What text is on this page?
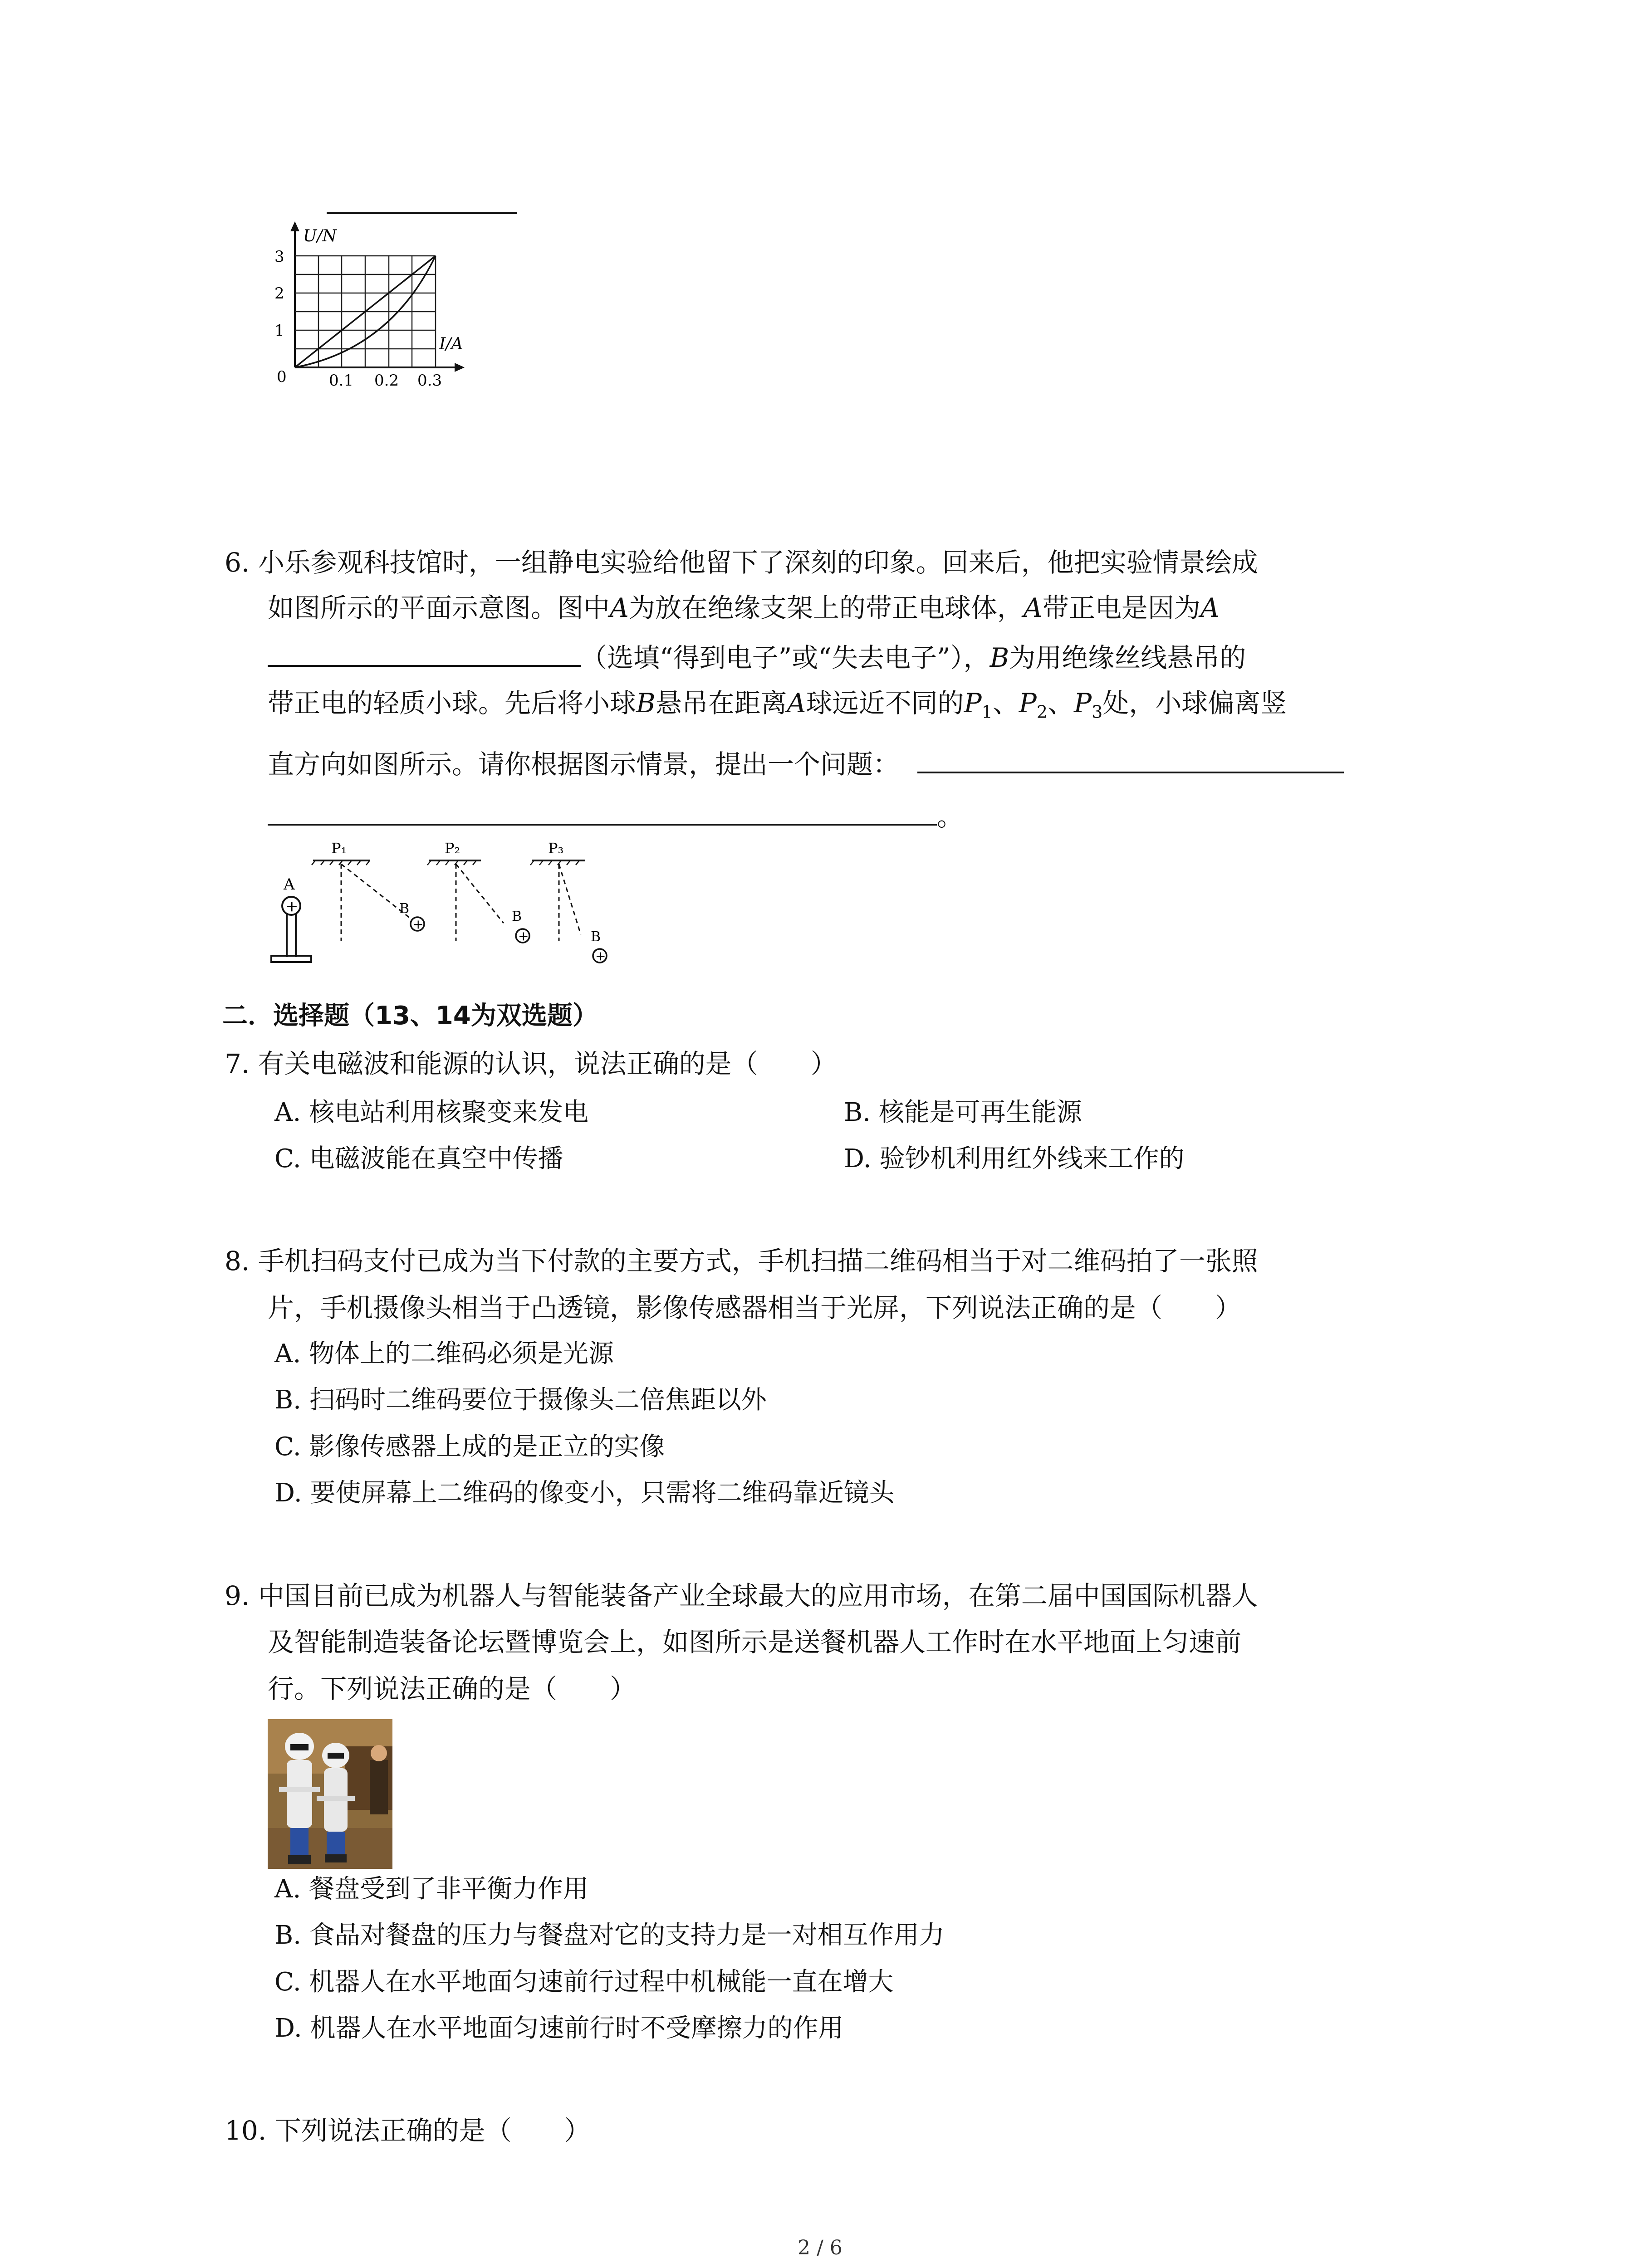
U/N
I/A
0
1
2
3
0.1 0.2 0.3
6. 小乐参观科技馆时，一组静电实验给他留下了深刻的印象。回来后，他把实验情景绘成
如图所示的平面示意图。图中A为放在绝缘支架上的带正电球体，A带正电是因为A
（选填“得到电子”或“失去电子”），B为用绝缘丝线悬吊的
带正电的轻质小球。先后将小球B悬吊在距离A球远近不同的$P_1$、$P_2$、$P_3$处，小球偏离竖
直方向如图所示。请你根据图示情景，提出一个问题：
。
+
A
P₁
B
+
P₂
B
+
P₃
B
+
二．选择题（13、14为双选题）
7. 有关电磁波和能源的认识，说法正确的是（　　）
A. 核电站利用核聚变来发电	B. 核能是可再生能源
C. 电磁波能在真空中传播	D. 验钞机利用红外线来工作的
8. 手机扫码支付已成为当下付款的主要方式，手机扫描二维码相当于对二维码拍了一张照
片，手机摄像头相当于凸透镜，影像传感器相当于光屏，下列说法正确的是（　　）
A. 物体上的二维码必须是光源
B. 扫码时二维码要位于摄像头二倍焦距以外
C. 影像传感器上成的是正立的实像
D. 要使屏幕上二维码的像变小，只需将二维码靠近镜头
9. 中国目前已成为机器人与智能装备产业全球最大的应用市场，在第二届中国国际机器人
及智能制造装备论坛暨博览会上，如图所示是送餐机器人工作时在水平地面上匀速前
行。下列说法正确的是（　　）
A. 餐盘受到了非平衡力作用
B. 食品对餐盘的压力与餐盘对它的支持力是一对相互作用力
C. 机器人在水平地面匀速前行过程中机械能一直在增大
D. 机器人在水平地面匀速前行时不受摩擦力的作用
10. 下列说法正确的是（　　）
2 / 6
